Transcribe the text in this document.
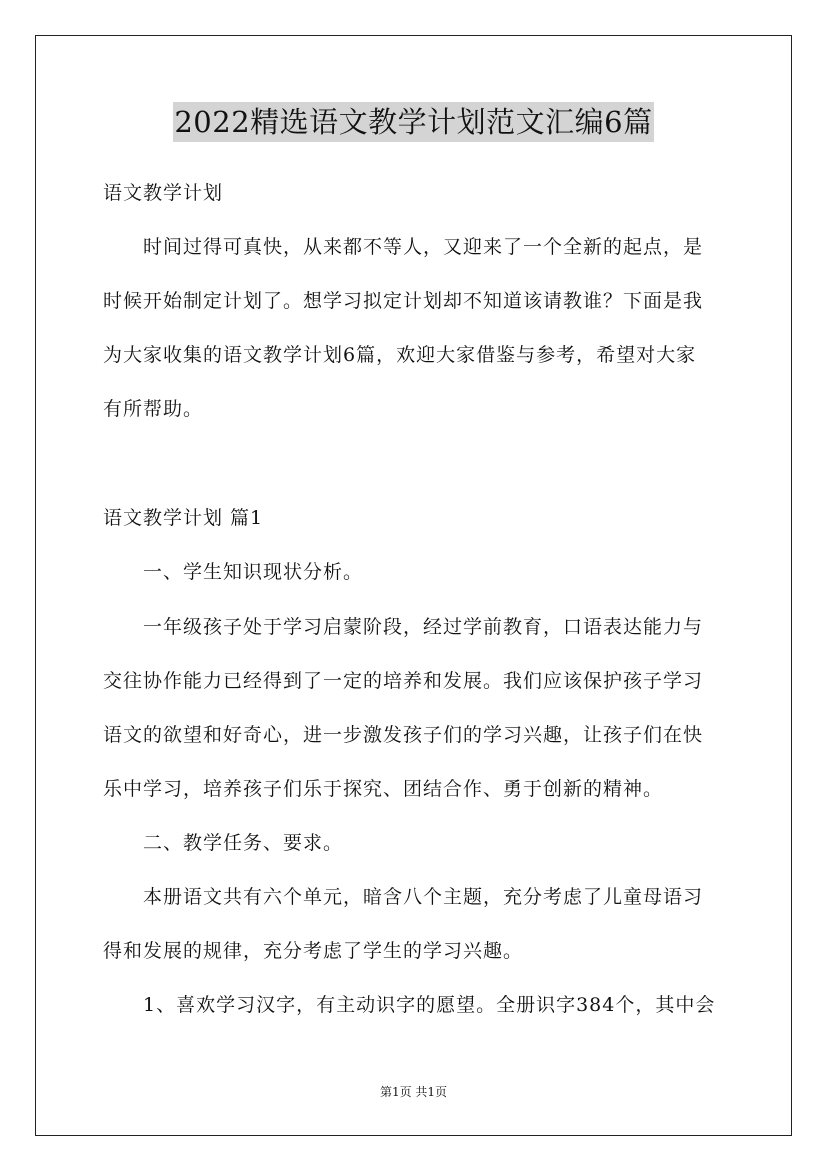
2022精选语文教学计划范文汇编6篇

语文教学计划

　　时间过得可真快，从来都不等人，又迎来了一个全新的起点，是

时候开始制定计划了。想学习拟定计划却不知道该请教谁？下面是我

为大家收集的语文教学计划6篇，欢迎大家借鉴与参考，希望对大家

有所帮助。

语文教学计划 篇1

　　一、学生知识现状分析。

　　一年级孩子处于学习启蒙阶段，经过学前教育，口语表达能力与

交往协作能力已经得到了一定的培养和发展。我们应该保护孩子学习

语文的欲望和好奇心，进一步激发孩子们的学习兴趣，让孩子们在快

乐中学习，培养孩子们乐于探究、团结合作、勇于创新的精神。

　　二、教学任务、要求。

　　本册语文共有六个单元，暗含八个主题，充分考虑了儿童母语习

得和发展的规律，充分考虑了学生的学习兴趣。

　　1、喜欢学习汉字，有主动识字的愿望。全册识字384个，其中会

第1页 共1页
